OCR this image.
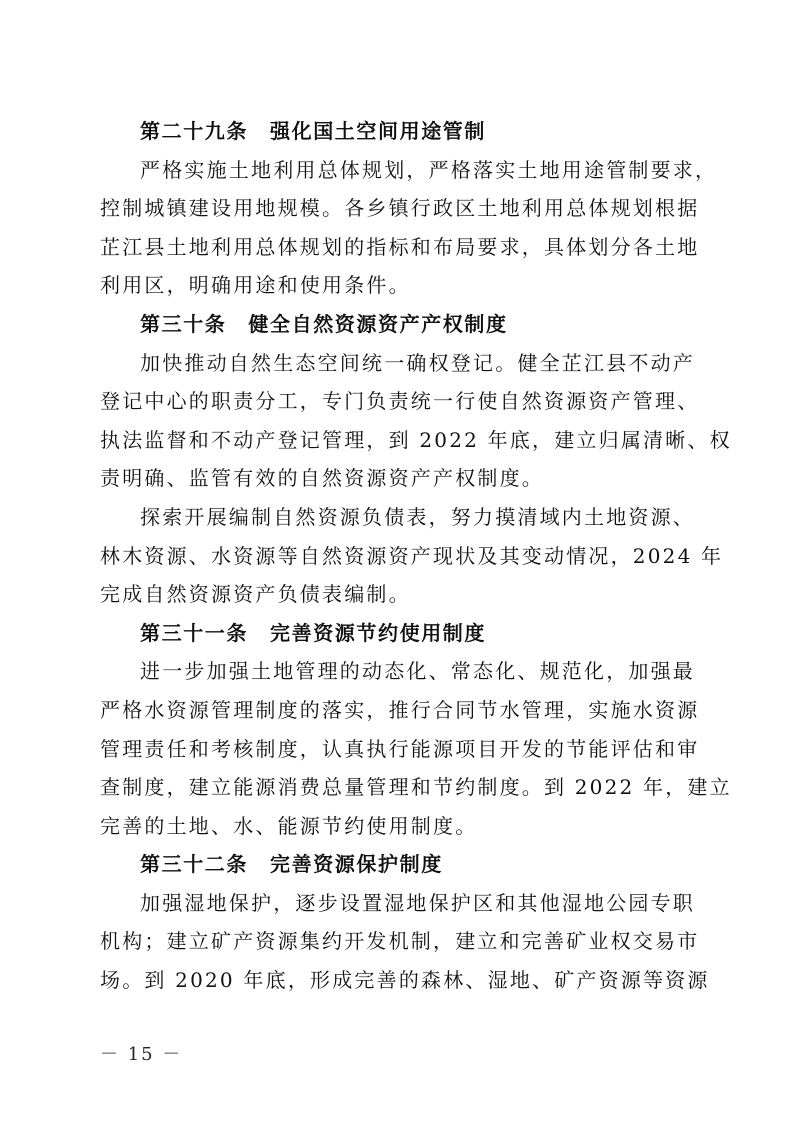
第二十九条 强化国土空间用途管制
严格实施土地利用总体规划，严格落实土地用途管制要求，
控制城镇建设用地规模。各乡镇行政区土地利用总体规划根据
芷江县土地利用总体规划的指标和布局要求，具体划分各土地
利用区，明确用途和使用条件。
第三十条 健全自然资源资产产权制度
加快推动自然生态空间统一确权登记。健全芷江县不动产
登记中心的职责分工，专门负责统一行使自然资源资产管理、
执法监督和不动产登记管理，到 2022 年底，建立归属清晰、权
责明确、监管有效的自然资源资产产权制度。
探索开展编制自然资源负债表，努力摸清域内土地资源、
林木资源、水资源等自然资源资产现状及其变动情况，2024 年
完成自然资源资产负债表编制。
第三十一条 完善资源节约使用制度
进一步加强土地管理的动态化、常态化、规范化，加强最
严格水资源管理制度的落实，推行合同节水管理，实施水资源
管理责任和考核制度，认真执行能源项目开发的节能评估和审
查制度，建立能源消费总量管理和节约制度。到 2022 年，建立
完善的土地、水、能源节约使用制度。
第三十二条 完善资源保护制度
加强湿地保护，逐步设置湿地保护区和其他湿地公园专职
机构；建立矿产资源集约开发机制，建立和完善矿业权交易市
场。到 2020 年底，形成完善的森林、湿地、矿产资源等资源
－ 15 －
